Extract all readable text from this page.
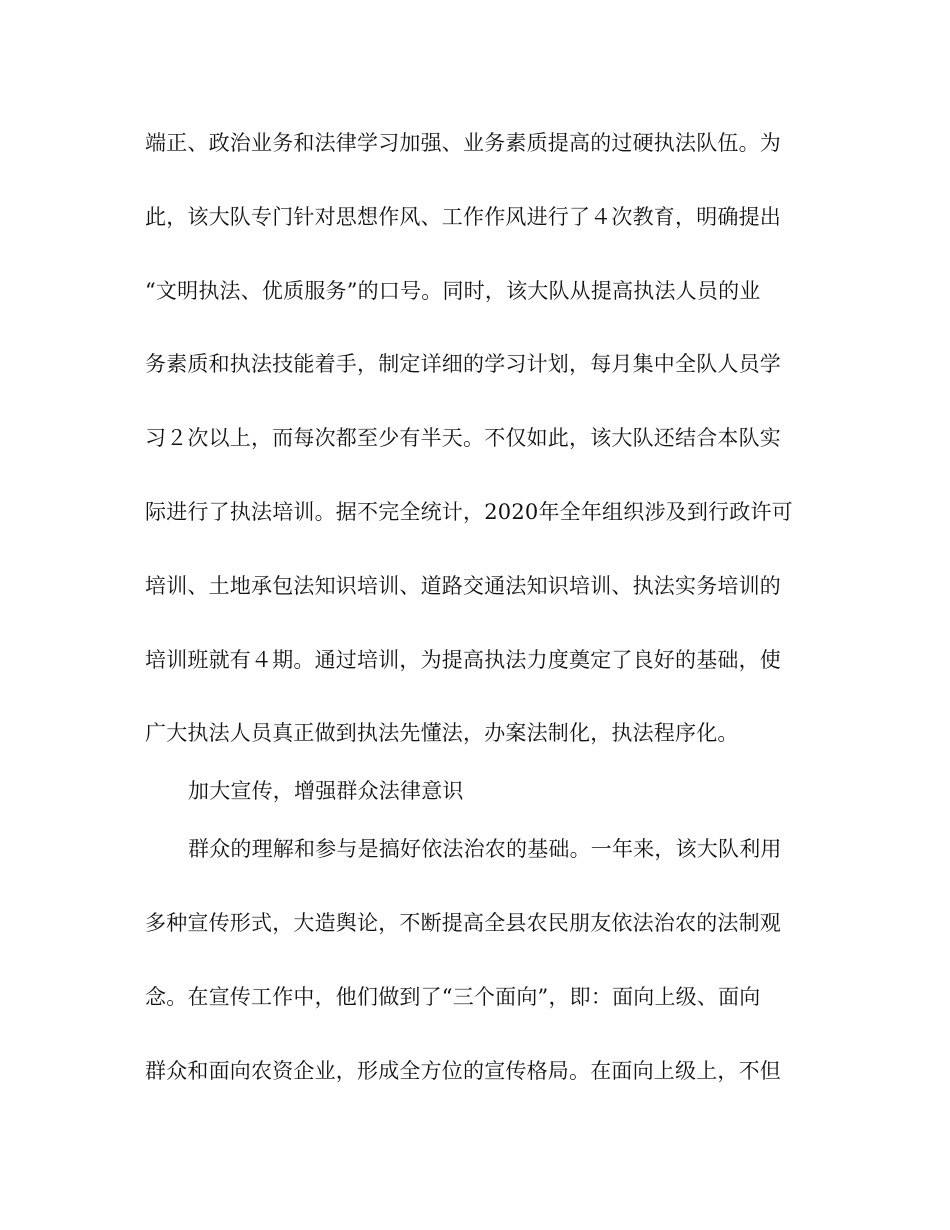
端正、政治业务和法律学习加强、业务素质提高的过硬执法队伍。为
此，该大队专门针对思想作风、工作作风进行了４次教育，明确提出
“文明执法、优质服务”的口号。同时，该大队从提高执法人员的业
务素质和执法技能着手，制定详细的学习计划，每月集中全队人员学
习２次以上，而每次都至少有半天。不仅如此，该大队还结合本队实
际进行了执法培训。据不完全统计，2020年全年组织涉及到行政许可
培训、土地承包法知识培训、道路交通法知识培训、执法实务培训的
培训班就有４期。通过培训，为提高执法力度奠定了良好的基础，使
广大执法人员真正做到执法先懂法，办案法制化，执法程序化。
加大宣传，增强群众法律意识
群众的理解和参与是搞好依法治农的基础。一年来，该大队利用
多种宣传形式，大造舆论，不断提高全县农民朋友依法治农的法制观
念。在宣传工作中，他们做到了“三个面向”，即：面向上级、面向
群众和面向农资企业，形成全方位的宣传格局。在面向上级上，不但
